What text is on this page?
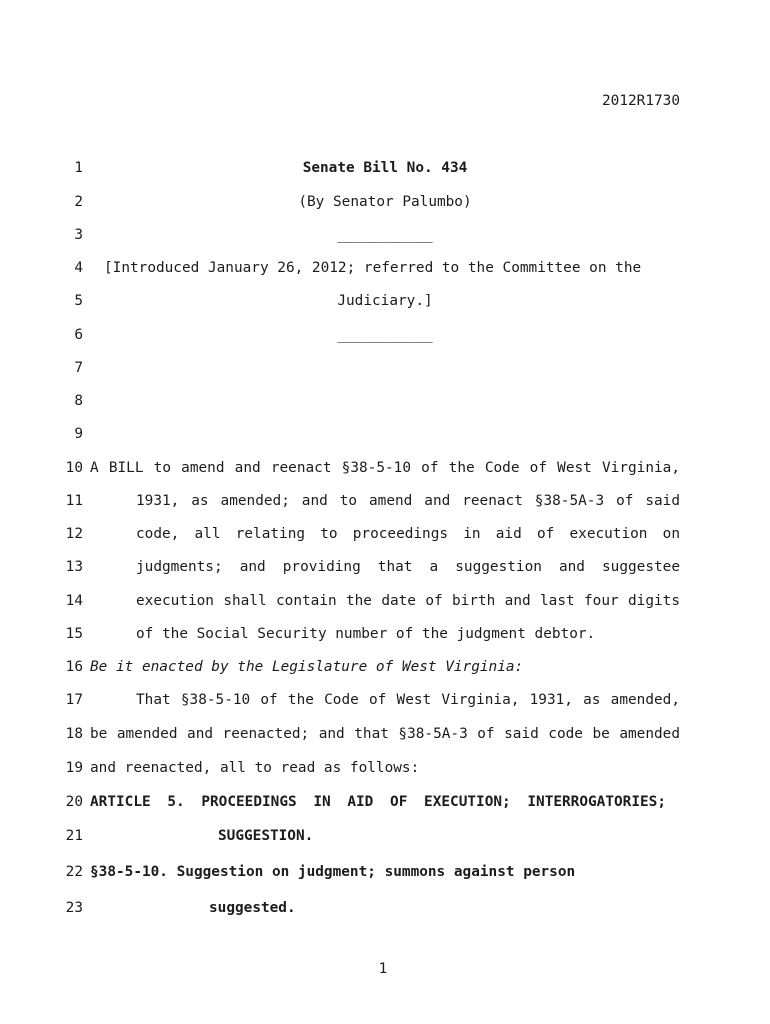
2012R1730
1
2
3
4
5
6
7
8
9
10
11
12
13
14
15
16
17
18
19
20
21
22
23
Senate Bill No. 434
(By Senator Palumbo)
___________
[Introduced January 26, 2012; referred to the Committee on the
Judiciary.]
___________
A BILL to amend and reenact §38-5-10 of the Code of West Virginia,
1931, as amended; and to amend and reenact §38-5A-3 of said
code, all relating to proceedings in aid of execution on
judgments; and providing that a suggestion and suggestee
execution shall contain the date of birth and last four digits
of the Social Security number of the judgment debtor.
Be it enacted by the Legislature of West Virginia:
That §38-5-10 of the Code of West Virginia, 1931, as amended,
be amended and reenacted; and that §38-5A-3 of said code be amended
and reenacted, all to read as follows:
ARTICLE 5. PROCEEDINGS IN AID OF EXECUTION; INTERROGATORIES;
SUGGESTION.
§38-5-10. Suggestion on judgment; summons against person
suggested.
1
